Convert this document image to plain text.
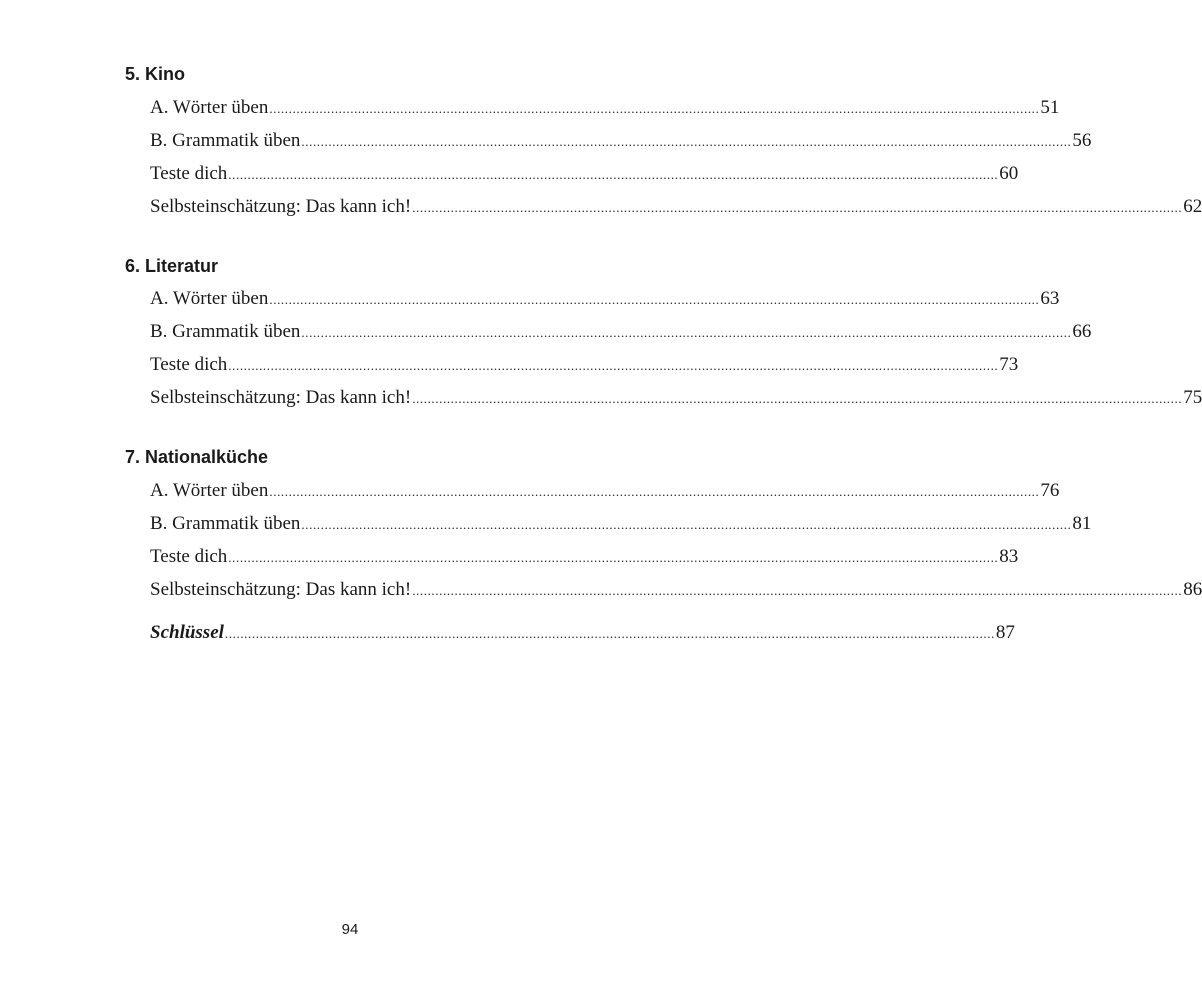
5. Kino
A. Wörter üben ........................................................................................................................................................................................................ 51
B. Grammatik üben ........................................................................................................................................................................................................ 56
Teste dich ........................................................................................................................................................................................................ 60
Selbsteinschätzung: Das kann ich! ........................................................................................................................................................................................................ 62
6. Literatur
A. Wörter üben ........................................................................................................................................................................................................ 63
B. Grammatik üben ........................................................................................................................................................................................................ 66
Teste dich ........................................................................................................................................................................................................ 73
Selbsteinschätzung: Das kann ich! ........................................................................................................................................................................................................ 75
7. Nationalküche
A. Wörter üben ........................................................................................................................................................................................................ 76
B. Grammatik üben ........................................................................................................................................................................................................ 81
Teste dich ........................................................................................................................................................................................................ 83
Selbsteinschätzung: Das kann ich! ........................................................................................................................................................................................................ 86
Schlüssel ........................................................................................................................................................................................................ 87
94
